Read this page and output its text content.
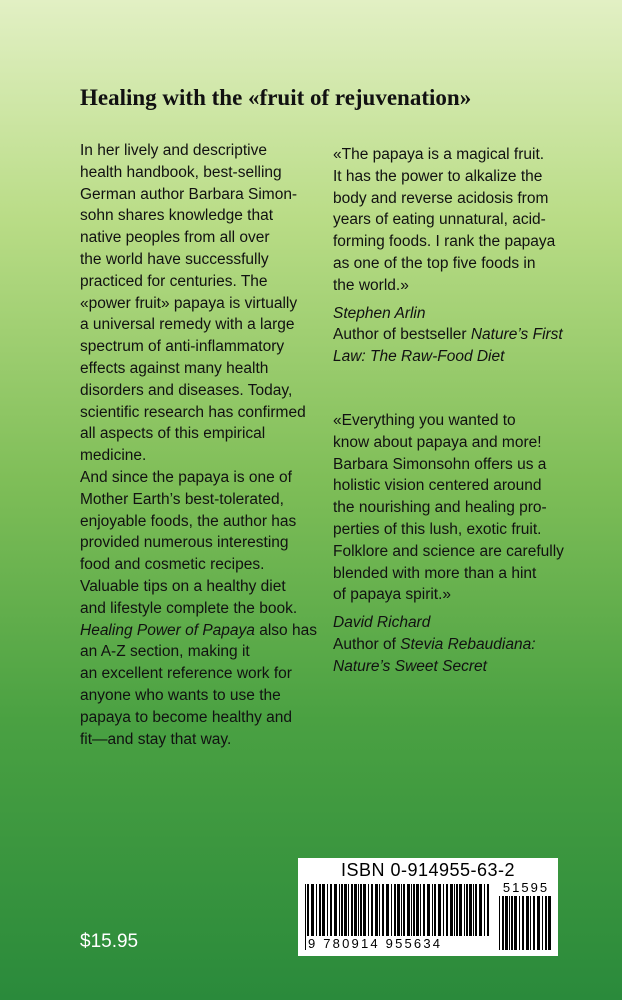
Healing with the «fruit of rejuvenation»
In her lively and descriptive
health handbook, best-selling
German author Barbara Simon-
sohn shares knowledge that
native peoples from all over
the world have successfully
practiced for centuries. The
«power fruit» papaya is virtually
a universal remedy with a large
spectrum of anti-inflammatory
effects against many health
disorders and diseases. Today,
scientific research has confirmed
all aspects of this empirical
medicine.
And since the papaya is one of
Mother Earth’s best-tolerated,
enjoyable foods, the author has
provided numerous interesting
food and cosmetic recipes.
Valuable tips on a healthy diet
and lifestyle complete the book.
Healing Power of Papaya also has
an A-Z section, making it
an excellent reference work for
anyone who wants to use the
papaya to become healthy and
fit—and stay that way.
«The papaya is a magical fruit.
It has the power to alkalize the
body and reverse acidosis from
years of eating unnatural, acid-
forming foods. I rank the papaya
as one of the top five foods in
the world.»
Stephen Arlin
Author of bestseller Nature’s First
Law: The Raw-Food Diet
«Everything you wanted to
know about papaya and more!
Barbara Simonsohn offers us a
holistic vision centered around
the nourishing and healing pro-
perties of this lush, exotic fruit.
Folklore and science are carefully
blended with more than a hint
of papaya spirit.»
David Richard
Author of Stevia Rebaudiana:
Nature’s Sweet Secret
$15.95
ISBN 0-914955-63-2
51595
9 780914 955634
